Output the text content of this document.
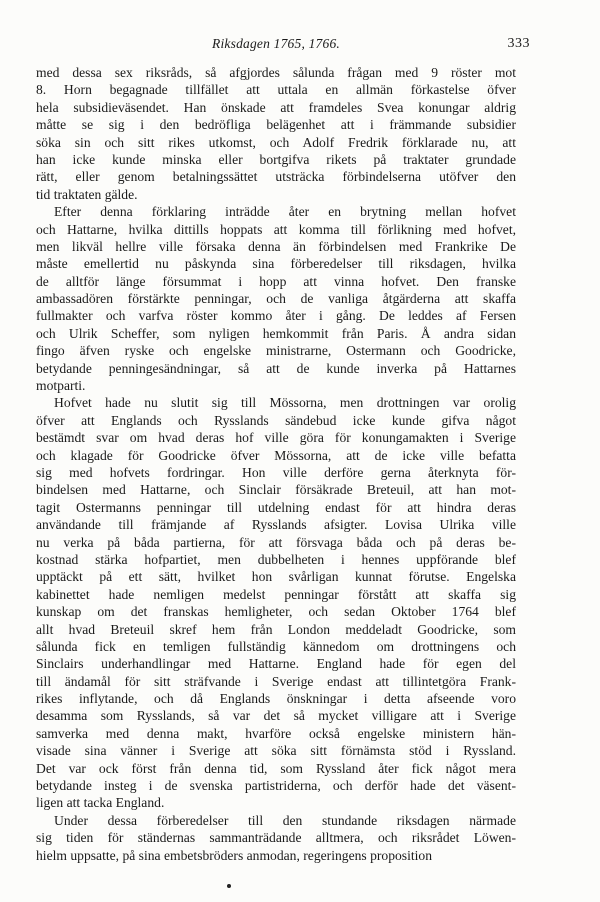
Riksdagen 1765, 1766.	333

med dessa sex riksråds, så afgjordes sålunda frågan med 9 röster mot
8. Horn begagnade tillfället att uttala en allmän förkastelse öfver
hela subsidieväsendet. Han önskade att framdeles Svea konungar aldrig
måtte se sig i den bedröfliga belägenhet att i främmande subsidier
söka sin och sitt rikes utkomst, och Adolf Fredrik förklarade nu, att
han icke kunde minska eller bortgifva rikets på traktater grundade
rätt, eller genom betalningssättet utsträcka förbindelserna utöfver den
tid traktaten gälde.

Efter denna förklaring inträdde åter en brytning mellan hofvet
och Hattarne, hvilka dittills hoppats att komma till förlikning med hofvet,
men likväl hellre ville försaka denna än förbindelsen med Frankrike De
måste emellertid nu påskynda sina förberedelser till riksdagen, hvilka
de alltför länge försummat i hopp att vinna hofvet. Den franske
ambassadören förstärkte penningar, och de vanliga åtgärderna att skaffa
fullmakter och varfva röster kommo åter i gång. De leddes af Fersen
och Ulrik Scheffer, som nyligen hemkommit från Paris. Å andra sidan
fingo äfven ryske och engelske ministrarne, Ostermann och Goodricke,
betydande penningesändningar, så att de kunde inverka på Hattarnes
motparti.

Hofvet hade nu slutit sig till Mössorna, men drottningen var orolig
öfver att Englands och Rysslands sändebud icke kunde gifva något
bestämdt svar om hvad deras hof ville göra för konungamakten i Sverige
och klagade för Goodricke öfver Mössorna, att de icke ville befatta
sig med hofvets fordringar. Hon ville derföre gerna återknyta för-
bindelsen med Hattarne, och Sinclair försäkrade Breteuil, att han mot-
tagit Ostermanns penningar till utdelning endast för att hindra deras
användande till främjande af Rysslands afsigter. Lovisa Ulrika ville
nu verka på båda partierna, för att försvaga båda och på deras be-
kostnad stärka hofpartiet, men dubbelheten i hennes uppförande blef
upptäckt på ett sätt, hvilket hon svårligan kunnat förutse. Engelska
kabinettet hade nemligen medelst penningar förstått att skaffa sig
kunskap om det franskas hemligheter, och sedan Oktober 1764 blef
allt hvad Breteuil skref hem från London meddeladt Goodricke, som
sålunda fick en temligen fullständig kännedom om drottningens och
Sinclairs underhandlingar med Hattarne. England hade för egen del
till ändamål för sitt sträfvande i Sverige endast att tillintetgöra Frank-
rikes inflytande, och då Englands önskningar i detta afseende voro
desamma som Rysslands, så var det så mycket villigare att i Sverige
samverka med denna makt, hvarföre också engelske ministern hän-
visade sina vänner i Sverige att söka sitt förnämsta stöd i Ryssland.
Det var ock först från denna tid, som Ryssland åter fick något mera
betydande insteg i de svenska partistriderna, och derför hade det väsent-
ligen att tacka England.

Under dessa förberedelser till den stundande riksdagen närmade
sig tiden för ständernas sammanträdande alltmera, och riksrådet Löwen-
hielm uppsatte, på sina embetsbröders anmodan, regeringens proposition
